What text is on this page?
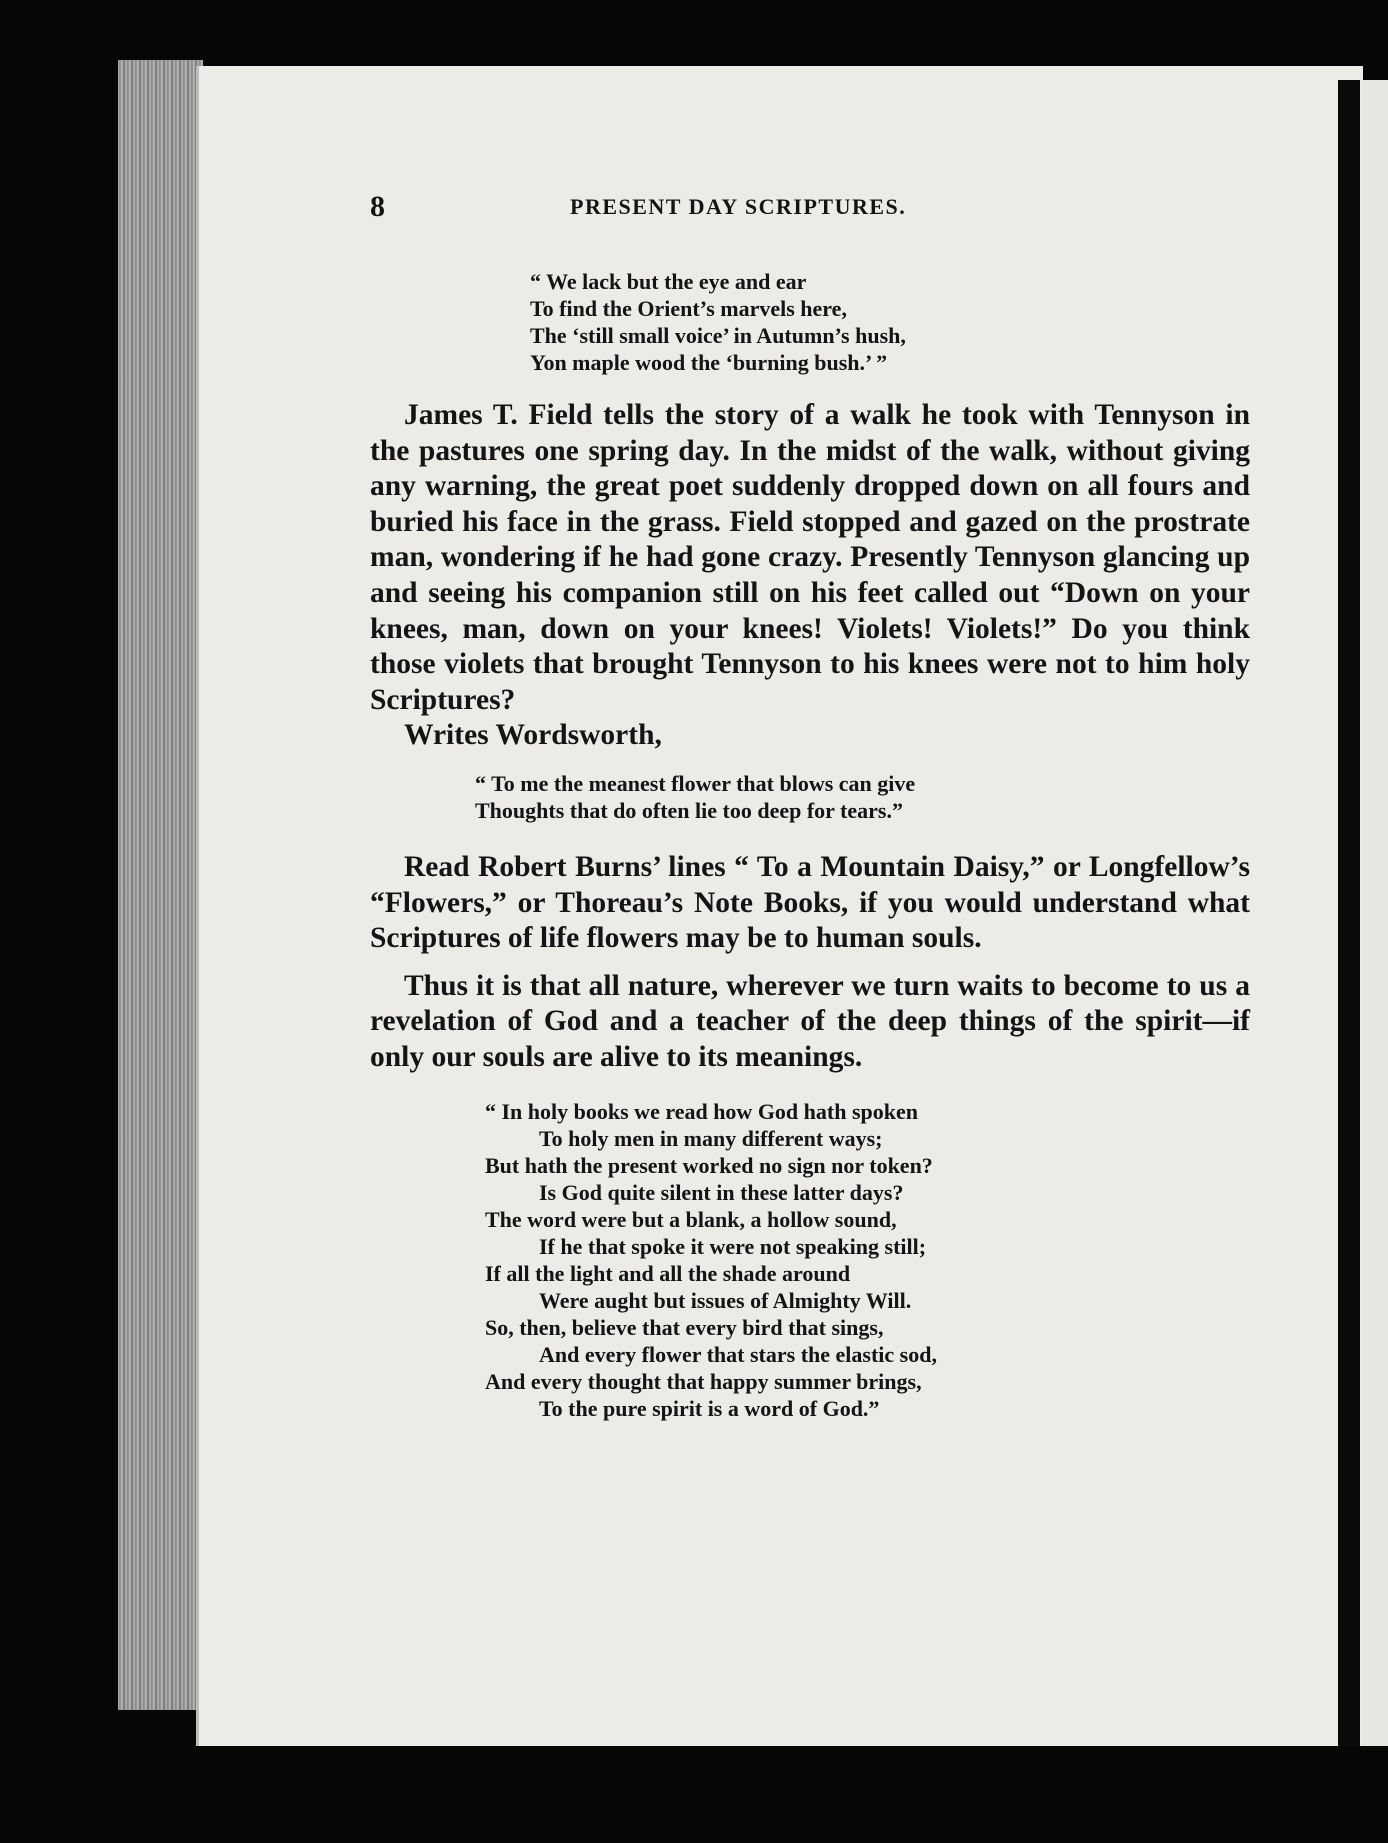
8	PRESENT DAY SCRIPTURES.
“ We lack but the eye and ear
To find the Orient’s marvels here,
The ‘still small voice’ in Autumn’s hush,
Yon maple wood the ‘burning bush.’ ”

James T. Field tells the story of a walk he took with Tennyson in the pastures one spring day. In the midst of the walk, without giving any warning, the great poet suddenly dropped down on all fours and buried his face in the grass. Field stopped and gazed on the prostrate man, wondering if he had gone crazy. Presently Tennyson glancing up and seeing his companion still on his feet called out “Down on your knees, man, down on your knees! Violets! Violets!” Do you think those violets that brought Tennyson to his knees were not to him holy Scriptures?

Writes Wordsworth,

“ To me the meanest flower that blows can give
Thoughts that do often lie too deep for tears.”

Read Robert Burns’ lines “ To a Mountain Daisy,” or Longfellow’s “Flowers,” or Thoreau’s Note Books, if you would understand what Scriptures of life flowers may be to human souls.

Thus it is that all nature, wherever we turn waits to become to us a revelation of God and a teacher of the deep things of the spirit—if only our souls are alive to its meanings.

“ In holy books we read how God hath spoken
To holy men in many different ways;
But hath the present worked no sign nor token?
Is God quite silent in these latter days?
The word were but a blank, a hollow sound,
If he that spoke it were not speaking still;
If all the light and all the shade around
Were aught but issues of Almighty Will.
So, then, believe that every bird that sings,
And every flower that stars the elastic sod,
And every thought that happy summer brings,
To the pure spirit is a word of God.”
